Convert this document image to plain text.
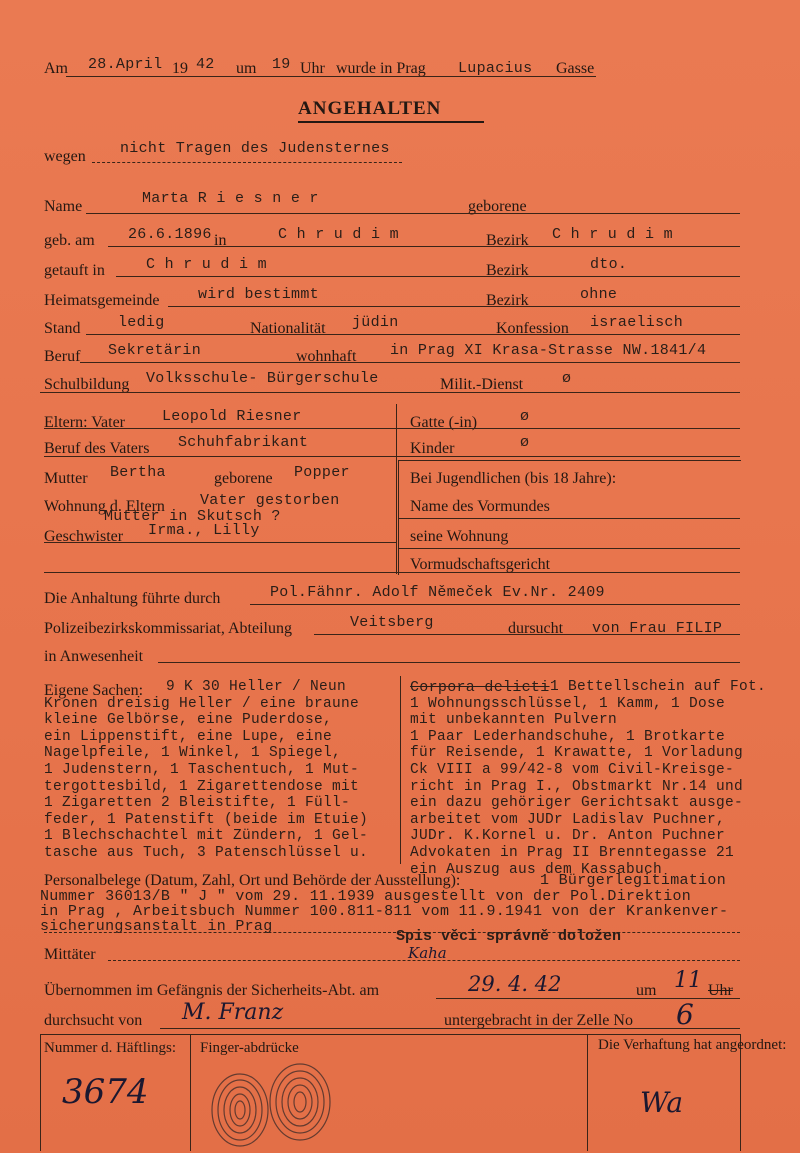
Am 28.April 19 42 um 19 Uhr wurde in Prag Lupacius Gasse
ANGEHALTEN
wegen nicht Tragen des Judensternes
Name	Marta R i e s n e r	geborene
geb. am 26.6.1896 in	C h r u d i m	Bezirk C h r u d i m
getauft in	C h r u d i m	Bezirk	dto.
Heimatsgemeinde	wird bestimmt	Bezirk	ohne
Stand	ledig	Nationalität jüdin	Konfession israelisch
Beruf Sekretärin	wohnhaft in Prag XI Krasa-Strasse NW.1841/4
Schulbildung Volksschule- Bürgerschule	Milit.-Dienst	ø
Eltern: Vater Leopold Riesner	Gatte (-in)	ø
Beruf des Vaters Schuhfabrikant	Kinder	ø
Mutter Bertha	geborene Popper
Wohnung d. Eltern Vater gestorben
Mutter in Skutsch ?
Geschwister Irma., Lilly
Bei Jugendlichen (bis 18 Jahre):
Name des Vormundes
seine Wohnung
Vormudschaftsgericht
Die Anhaltung führte durch	Pol.Fähnr. Adolf Němeček Ev.Nr. 2409
Polizeibezirkskommissariat, Abteilung	Veitsberg	dursucht von Frau FILIP
in Anwesenheit
Eigene Sachen: 9 K 30 Heller / Neun
Kronen dreisig Heller / eine braune
kleine Gelbörse, eine Puderdose,
ein Lippenstift, eine Lupe, eine
Nagelpfeile, 1 Winkel, 1 Spiegel,
1 Judenstern, 1 Taschentuch, 1 Mut-
tergottesbild, 1 Zigarettendose mit
1 Zigaretten 2 Bleistifte, 1 Füll-
feder, 1 Patenstift (beide im Etuie)
1 Blechschachtel mit Zündern, 1 Gel-
tasche aus Tuch, 3 Patenschlüssel u.
Corpora delicti 1 Bettellschein auf Fot.
1 Wohnungsschlüssel, 1 Kamm, 1 Dose
mit unbekannten Pulvern
1 Paar Lederhandschuhe, 1 Brotkarte
für Reisende, 1 Krawatte, 1 Vorladung
Ck VIII a 99/42-8 vom Civil-Kreisge-
richt in Prag I., Obstmarkt Nr.14 und
ein dazu gehöriger Gerichtsakt ausge-
arbeitet vom JUDr Ladislav Puchner,
JUDr. K.Kornel u. Dr. Anton Puchner
Advokaten in Prag II Brenntegasse 21
ein Auszug aus dem Kassabuch
Personalbelege (Datum, Zahl, Ort und Behörde der Ausstellung):	1 Bürgerlegitimation
Nummer 36013/B " J " vom 29. 11.1939 ausgestellt von der Pol.Direktion
in Prag , Arbeitsbuch Nummer 100.811-811 vom 11.9.1941 von der Krankenver-
sicherungsanstalt in Prag
Mittäter
Spis věci správně doložen
Kaha
Übernommen im Gefängnis der Sicherheits-Abt. am	29. 4. 42	um 11 Uhr
durchsucht von M. Franz	untergebracht in der Zelle No 6
Nummer d. Häftlings:
3674
Finger-abdrücke	Die Verhaftung hat angeordnet:
Wa
